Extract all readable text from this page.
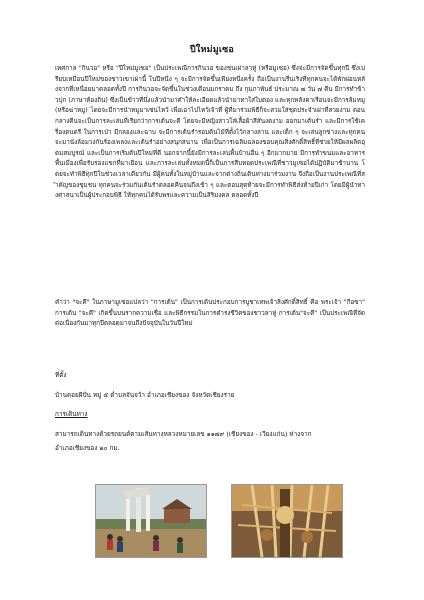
ปีใหม่มูเซอ

เทศกาล "กินวอ" หรือ "ปีใหม่มูเซอ" เป็นประเพณีการกินวอ ของชนเผ่าลาหู่ (หรือมูเซอ) ซึ่งจะมีการจัดขึ้นทุกปี ซึ่งเปรียบเหมือนปีใหม่ของชาวเขาเผ่านี้ ในปีหนึ่ง ๆ จะมีการจัดขึ้นเพียงหนึ่งครั้ง ถือเป็นงานรื่นเริงที่ทุกคนจะได้พักผ่อนหลังจากที่เหนื่อยมาตลอดทั้งปี การกินวอจะจัดขึ้นในช่วงเดือนมกราคม ถึง กุมภาพันธ์ ประมาณ ๗ วัน ๗ คืน มีการทำข้าวปุก (ภาษาท้องถิ่น) ซึ่งเป็นข้าวที่นึ่งแล้วนำมาตำให้ละเอียดแล้วนำมาทาใส่ใบตอง และทุกหลังคาเรือนจะมีการล้มหมู (หรือฆ่าหมู) โดยจะมีการนำหมูมาเซ่นไหว้ เพื่อเอาไปไหว้เจ้าที่ ผู้ที่มาร่วมพิธีก็จะสวมใส่ชุดประจำเผ่าที่สวยงาม ตอนกลางคืนจะเป็นการละเล่นที่เรียกว่าการเต้นจะคึ โดยจะมีหญิงสาวใส่เสื้อผ้าสีสันงดงาม ออกมาเต้นรำ และมีการใช้เครื่องดนตรี ในการเป่า มีกลองและฉาบ จะมีการเต้นรำรอบต้นไม้ที่ตั้งไว้กลางลาน และเด็ก ๆ จะเล่นลูกข่างและทุกคนจะมานั่งล้อมวงกันร้องเพลงและเต้นรำอย่างสนุกสนาน เพื่อเป็นการเฉลิมฉลองขอบคุณสิ่งศักดิ์สิทธิ์ที่ช่วยให้มีผลผลิตอุดมสมบูรณ์ และเป็นการเริ่มต้นปีใหม่ที่ดี นอกจากนี้ยังมีการละเล่นพื้นบ้านอื่น ๆ อีกมากมาย มีการทำขนมและอาหารพื้นเมืองเพื่อรับรองแขกที่มาเยือน และการละเล่นทั้งหมดนี้ก็เป็นการสืบทอดประเพณีที่ชาวมูเซอได้ปฏิบัติมาช้านาน โดยจะทำพิธีทุกปีในช่วงเวลาเดียวกัน มีผู้คนทั้งในหมู่บ้านและจากต่างถิ่นเดินทางมาร่วมงาน จึงถือเป็นงานประเพณีที่สำคัญของชุมชน ทุกคนจะร่วมกันเต้นรำตลอดคืนจนถึงเช้า ๆ และตอนสุดท้ายจะมีการทำพิธีส่งท้ายปีเก่า โดยมีผู้นำทางศาสนาเป็นผู้ประกอบพิธี ให้ทุกคนได้รับพรและความเป็นสิริมงคล ตลอดทั้งปี

คำว่า "จะคึ" ในภาษามูเซอแปลว่า "การเต้น" เป็นการเต้นประกอบการบูชาเทพเจ้าสิ่งศักดิ์สิทธิ์ คือ พระเจ้า "กือซา" การเต้น "จะคึ" เกิดขึ้นบนรากความเชื่อ และพิธีกรรมในการดำรงชีวิตของชาวลาหู่ การเต้น"จะคึ" เป็นประเพณีที่จัดต่อเนื่องกันมาทุกปีตลอดมาจนถึงปัจจุบันในวันปีใหม่

ที่ตั้ง
บ้านดอยผีปั่น หมู่ ๕ ตำบลจันจว้า อำเภอเชียงของ จังหวัดเชียงราย
การเดินทาง
สามารถเดินทางด้วยรถยนต์ตามเส้นทางหลวงหมายเลข ๑๑๗๙ (เชียงของ - เวียงแก่น) ห่างจาก
อำเภอเชียงของ ๒๐ กม.
